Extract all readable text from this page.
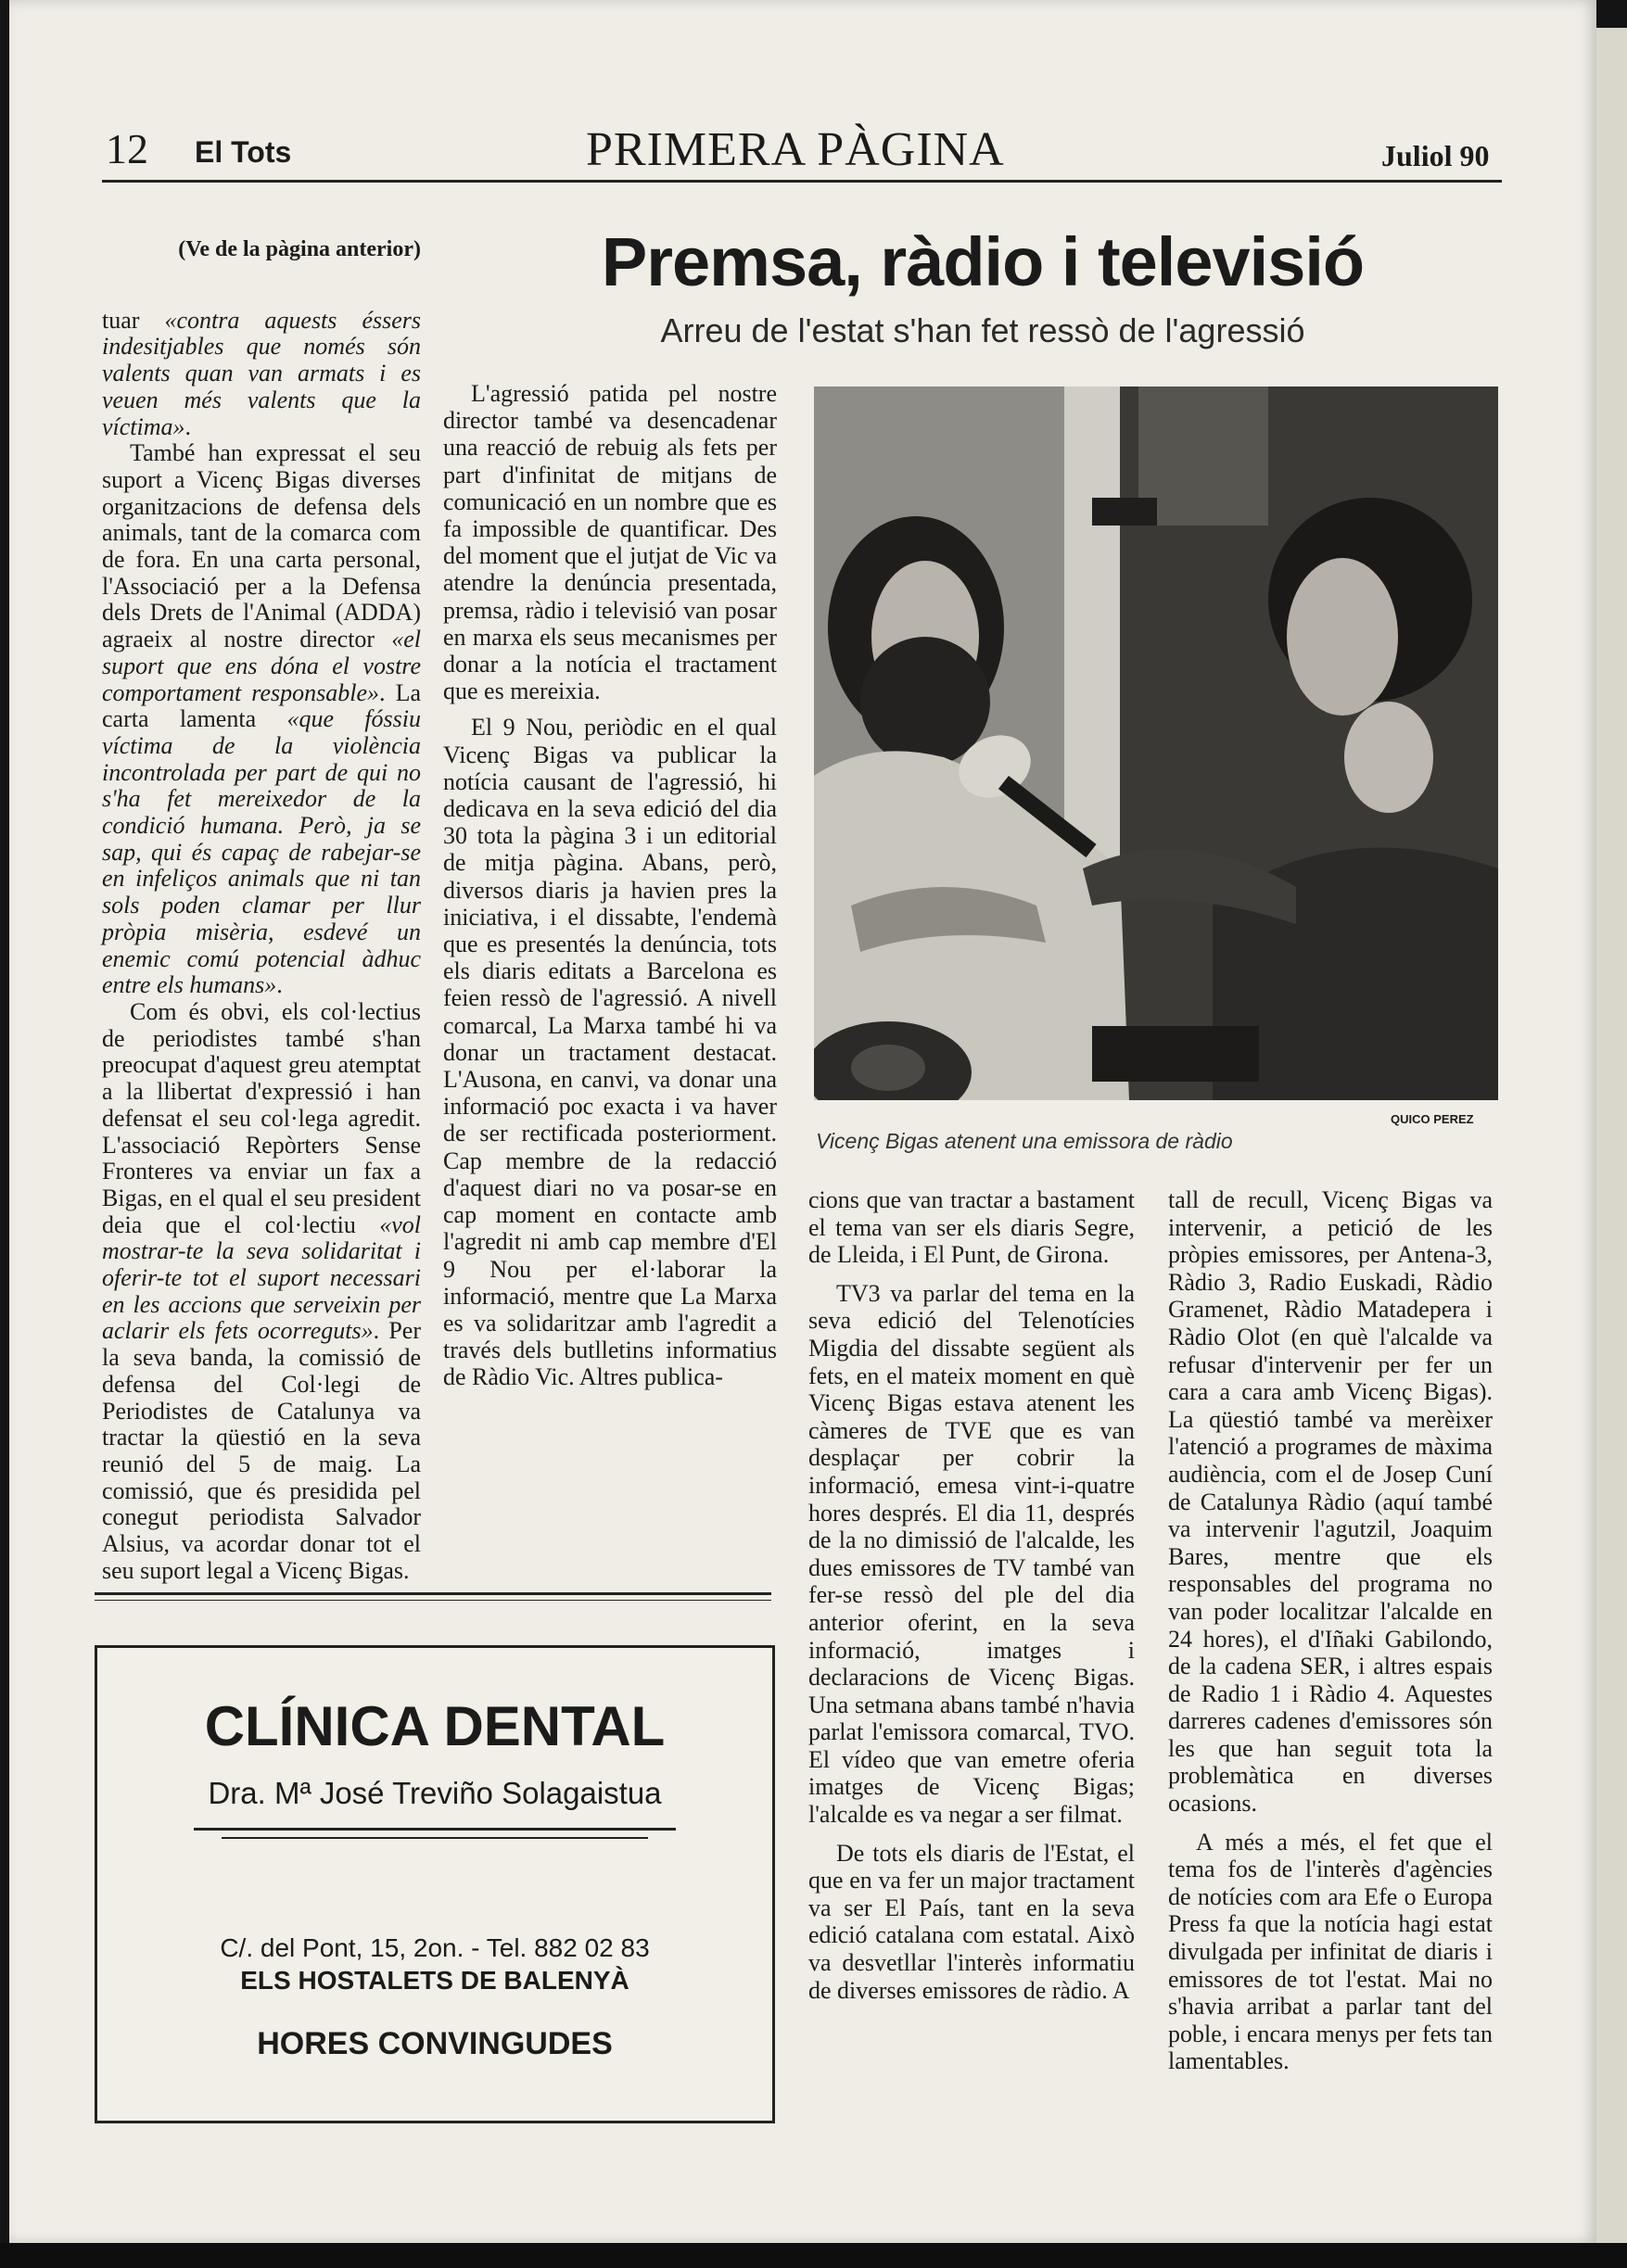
12 El Tots	PRIMERA PÀGINA	Juliol 90

(Ve de la pàgina anterior)

tuar «contra aquests éssers indesitjables que només són valents quan van armats i es veuen més valents que la víctima».

També han expressat el seu suport a Vicenç Bigas diverses organitzacions de defensa dels animals, tant de la comarca com de fora. En una carta personal, l'Associació per a la Defensa dels Drets de l'Animal (ADDA) agraeix al nostre director «el suport que ens dóna el vostre comportament responsable». La carta lamenta «que fóssiu víctima de la violència incontrolada per part de qui no s'ha fet mereixedor de la condició humana. Però, ja se sap, qui és capaç de rabejar-se en infeliços animals que ni tan sols poden clamar per llur pròpia misèria, esdevé un enemic comú potencial àdhuc entre els humans».

Com és obvi, els col·lectius de periodistes també s'han preocupat d'aquest greu atemptat a la llibertat d'expressió i han defensat el seu col·lega agredit. L'associació Repòrters Sense Fronteres va enviar un fax a Bigas, en el qual el seu president deia que el col·lectiu «vol mostrar-te la seva solidaritat i oferir-te tot el suport necessari en les accions que serveixin per aclarir els fets ocorreguts». Per la seva banda, la comissió de defensa del Col·legi de Periodistes de Catalunya va tractar la qüestió en la seva reunió del 5 de maig. La comissió, que és presidida pel conegut periodista Salvador Alsius, va acordar donar tot el seu suport legal a Vicenç Bigas.

Premsa, ràdio i televisió
Arreu de l'estat s'han fet ressò de l'agressió

L'agressió patida pel nostre director també va desencadenar una reacció de rebuig als fets per part d'infinitat de mitjans de comunicació en un nombre que es fa impossible de quantificar. Des del moment que el jutjat de Vic va atendre la denúncia presentada, premsa, ràdio i televisió van posar en marxa els seus mecanismes per donar a la notícia el tractament que es mereixia.

El 9 Nou, periòdic en el qual Vicenç Bigas va publicar la notícia causant de l'agressió, hi dedicava en la seva edició del dia 30 tota la pàgina 3 i un editorial de mitja pàgina. Abans, però, diversos diaris ja havien pres la iniciativa, i el dissabte, l'endemà que es presentés la denúncia, tots els diaris editats a Barcelona es feien ressò de l'agressió. A nivell comarcal, La Marxa també hi va donar un tractament destacat. L'Ausona, en canvi, va donar una informació poc exacta i va haver de ser rectificada posteriorment. Cap membre de la redacció d'aquest diari no va posar-se en cap moment en contacte amb l'agredit ni amb cap membre d'El 9 Nou per el·laborar la informació, mentre que La Marxa es va solidaritzar amb l'agredit a través dels butlletins informatius de Ràdio Vic. Altres publica-

QUICO PEREZ
Vicenç Bigas atenent una emissora de ràdio

cions que van tractar a bastament el tema van ser els diaris Segre, de Lleida, i El Punt, de Girona.

TV3 va parlar del tema en la seva edició del Telenotícies Migdia del dissabte següent als fets, en el mateix moment en què Vicenç Bigas estava atenent les càmeres de TVE que es van desplaçar per cobrir la informació, emesa vint-i-quatre hores després. El dia 11, després de la no dimissió de l'alcalde, les dues emissores de TV també van fer-se ressò del ple del dia anterior oferint, en la seva informació, imatges i declaracions de Vicenç Bigas. Una setmana abans també n'havia parlat l'emissora comarcal, TVO. El vídeo que van emetre oferia imatges de Vicenç Bigas; l'alcalde es va negar a ser filmat.

De tots els diaris de l'Estat, el que en va fer un major tractament va ser El País, tant en la seva edició catalana com estatal. Això va desvetllar l'interès informatiu de diverses emissores de ràdio. A

tall de recull, Vicenç Bigas va intervenir, a petició de les pròpies emissores, per Antena-3, Ràdio 3, Radio Euskadi, Ràdio Gramenet, Ràdio Matadepera i Ràdio Olot (en què l'alcalde va refusar d'intervenir per fer un cara a cara amb Vicenç Bigas). La qüestió també va merèixer l'atenció a programes de màxima audiència, com el de Josep Cuní de Catalunya Ràdio (aquí també va intervenir l'agutzil, Joaquim Bares, mentre que els responsables del programa no van poder localitzar l'alcalde en 24 hores), el d'Iñaki Gabilondo, de la cadena SER, i altres espais de Radio 1 i Ràdio 4. Aquestes darreres cadenes d'emissores són les que han seguit tota la problemàtica en diverses ocasions.

A més a més, el fet que el tema fos de l'interès d'agències de notícies com ara Efe o Europa Press fa que la notícia hagi estat divulgada per infinitat de diaris i emissores de tot l'estat. Mai no s'havia arribat a parlar tant del poble, i encara menys per fets tan lamentables.

CLÍNICA DENTAL
Dra. Mª José Treviño Solagaistua
C/. del Pont, 15, 2on. - Tel. 882 02 83
ELS HOSTALETS DE BALENYÀ
HORES CONVINGUDES
